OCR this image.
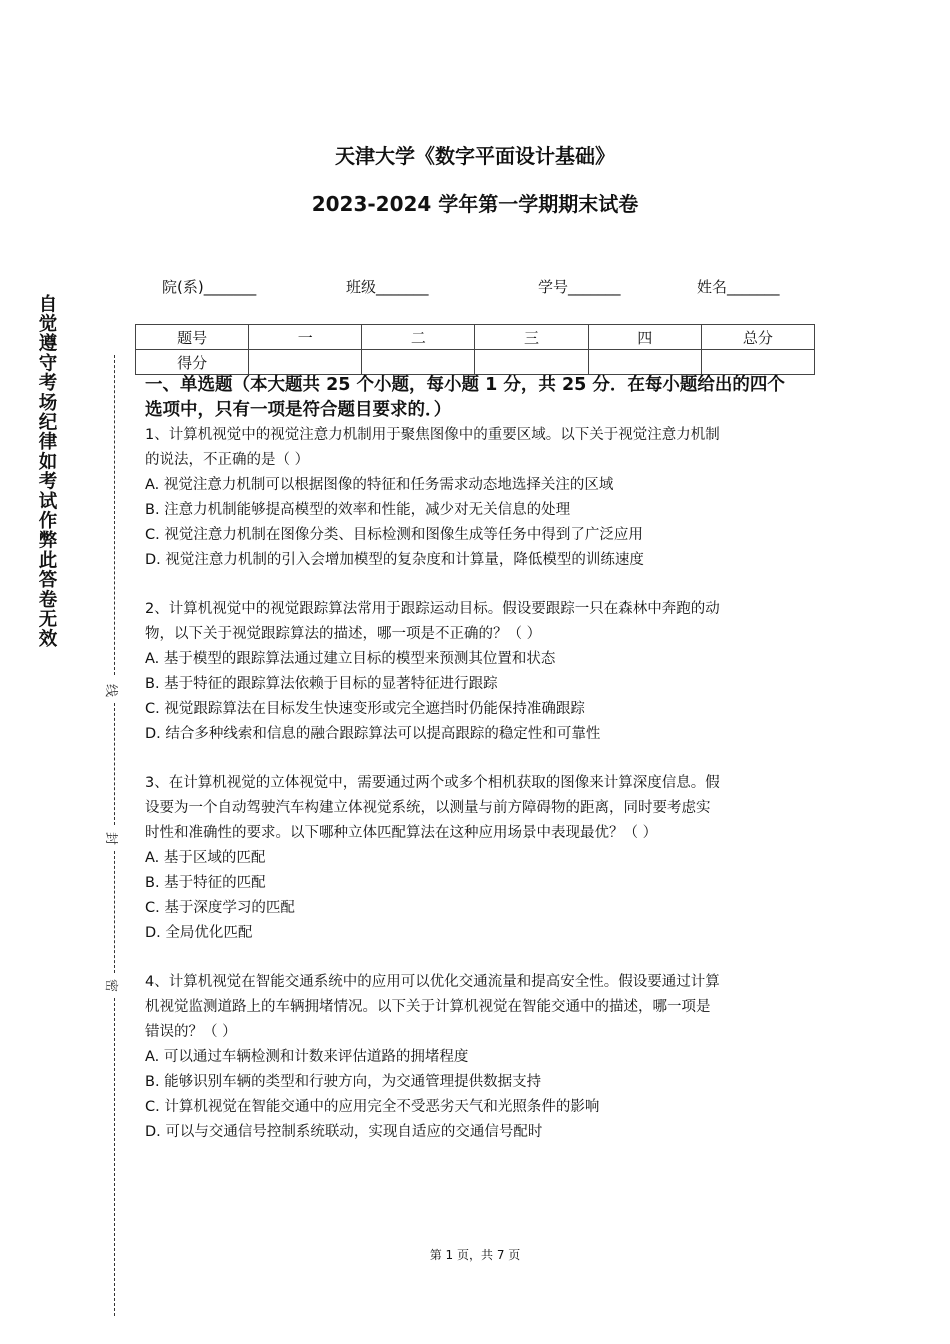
天津大学《数字平面设计基础》
2023-2024 学年第一学期期末试卷
自觉遵守考场纪律如考试作弊此答卷无效
线
封
密
院(系)_______	班级_______	学号_______	姓名_______
题号	一	二	三	四	总分
得分					
一、单选题（本大题共 25 个小题，每小题 1 分，共 25 分．在每小题给出的四个
选项中，只有一项是符合题目要求的．）
1、计算机视觉中的视觉注意力机制用于聚焦图像中的重要区域。以下关于视觉注意力机制
的说法，不正确的是（ ）
A. 视觉注意力机制可以根据图像的特征和任务需求动态地选择关注的区域
B. 注意力机制能够提高模型的效率和性能，减少对无关信息的处理
C. 视觉注意力机制在图像分类、目标检测和图像生成等任务中得到了广泛应用
D. 视觉注意力机制的引入会增加模型的复杂度和计算量，降低模型的训练速度
2、计算机视觉中的视觉跟踪算法常用于跟踪运动目标。假设要跟踪一只在森林中奔跑的动
物，以下关于视觉跟踪算法的描述，哪一项是不正确的？（ ）
A. 基于模型的跟踪算法通过建立目标的模型来预测其位置和状态
B. 基于特征的跟踪算法依赖于目标的显著特征进行跟踪
C. 视觉跟踪算法在目标发生快速变形或完全遮挡时仍能保持准确跟踪
D. 结合多种线索和信息的融合跟踪算法可以提高跟踪的稳定性和可靠性
3、在计算机视觉的立体视觉中，需要通过两个或多个相机获取的图像来计算深度信息。假
设要为一个自动驾驶汽车构建立体视觉系统，以测量与前方障碍物的距离，同时要考虑实
时性和准确性的要求。以下哪种立体匹配算法在这种应用场景中表现最优？（ ）
A. 基于区域的匹配
B. 基于特征的匹配
C. 基于深度学习的匹配
D. 全局优化匹配
4、计算机视觉在智能交通系统中的应用可以优化交通流量和提高安全性。假设要通过计算
机视觉监测道路上的车辆拥堵情况。以下关于计算机视觉在智能交通中的描述，哪一项是
错误的？（ ）
A. 可以通过车辆检测和计数来评估道路的拥堵程度
B. 能够识别车辆的类型和行驶方向，为交通管理提供数据支持
C. 计算机视觉在智能交通中的应用完全不受恶劣天气和光照条件的影响
D. 可以与交通信号控制系统联动，实现自适应的交通信号配时
第 1 页，共 7 页
